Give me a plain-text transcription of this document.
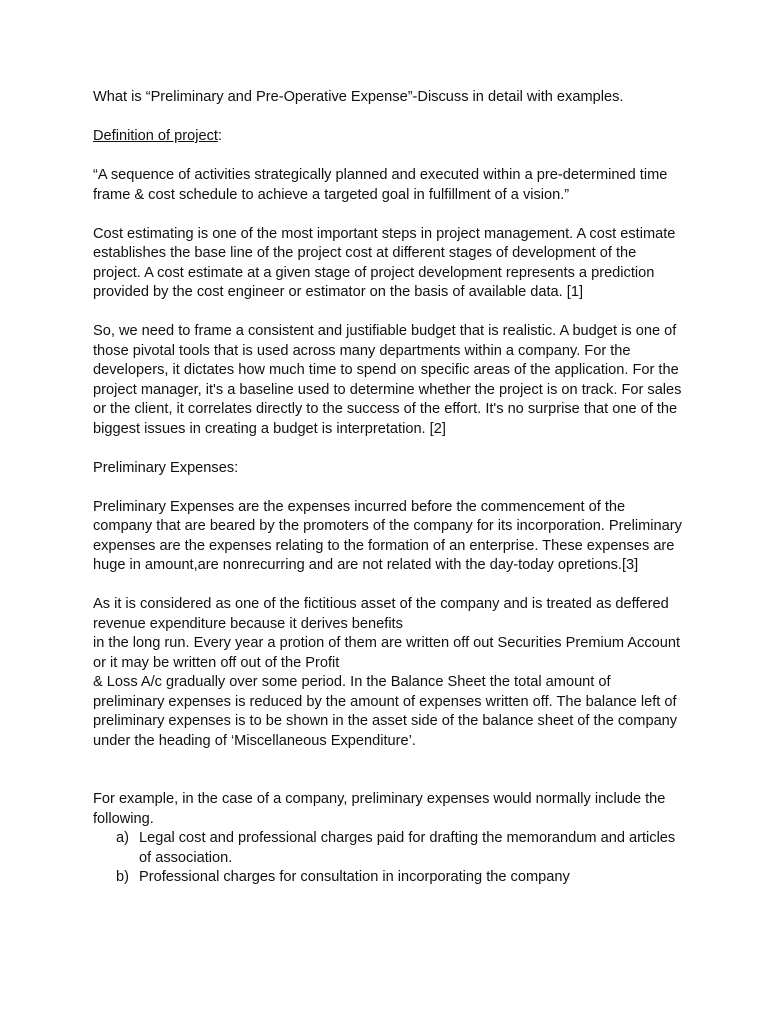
What is “Preliminary and Pre-Operative Expense”-Discuss in detail with examples.

Definition of project:

“A sequence of activities strategically planned and executed within a pre-determined time frame & cost schedule to achieve a targeted goal in fulfillment of a vision.”

Cost estimating is one of the most important steps in project management. A cost estimate establishes the base line of the project cost at different stages of development of the project. A cost estimate at a given stage of project development represents a prediction provided by the cost engineer or estimator on the basis of available data. [1]

So, we need to frame a consistent and justifiable budget that is realistic. A budget is one of those pivotal tools that is used across many departments within a company. For the developers, it dictates how much time to spend on specific areas of the application. For the project manager, it's a baseline used to determine whether the project is on track. For sales or the client, it correlates directly to the success of the effort. It's no surprise that one of the biggest issues in creating a budget is interpretation. [2]

Preliminary Expenses:

Preliminary Expenses are the expenses incurred before the commencement of the company that are beared by the promoters of the company for its incorporation. Preliminary expenses are the expenses relating to the formation of an enterprise. These expenses are huge in amount,are nonrecurring and are not related with the day-today opretions.[3]

As it is considered as one of the fictitious asset of the company and is treated as deffered revenue expenditure because it derives benefits

in the long run. Every year a protion of them are written off out Securities Premium Account or it may be written off out of the Profit

& Loss A/c gradually over some period. In the Balance Sheet the total amount of preliminary expenses is reduced by the amount of expenses written off. The balance left of preliminary expenses is to be shown in the asset side of the balance sheet of the company under the heading of ‘Miscellaneous Expenditure’.

For example, in the case of a company, preliminary expenses would normally include the following.

a) Legal cost and professional charges paid for drafting the memorandum and articles of association.
b) Professional charges for consultation in incorporating the company
